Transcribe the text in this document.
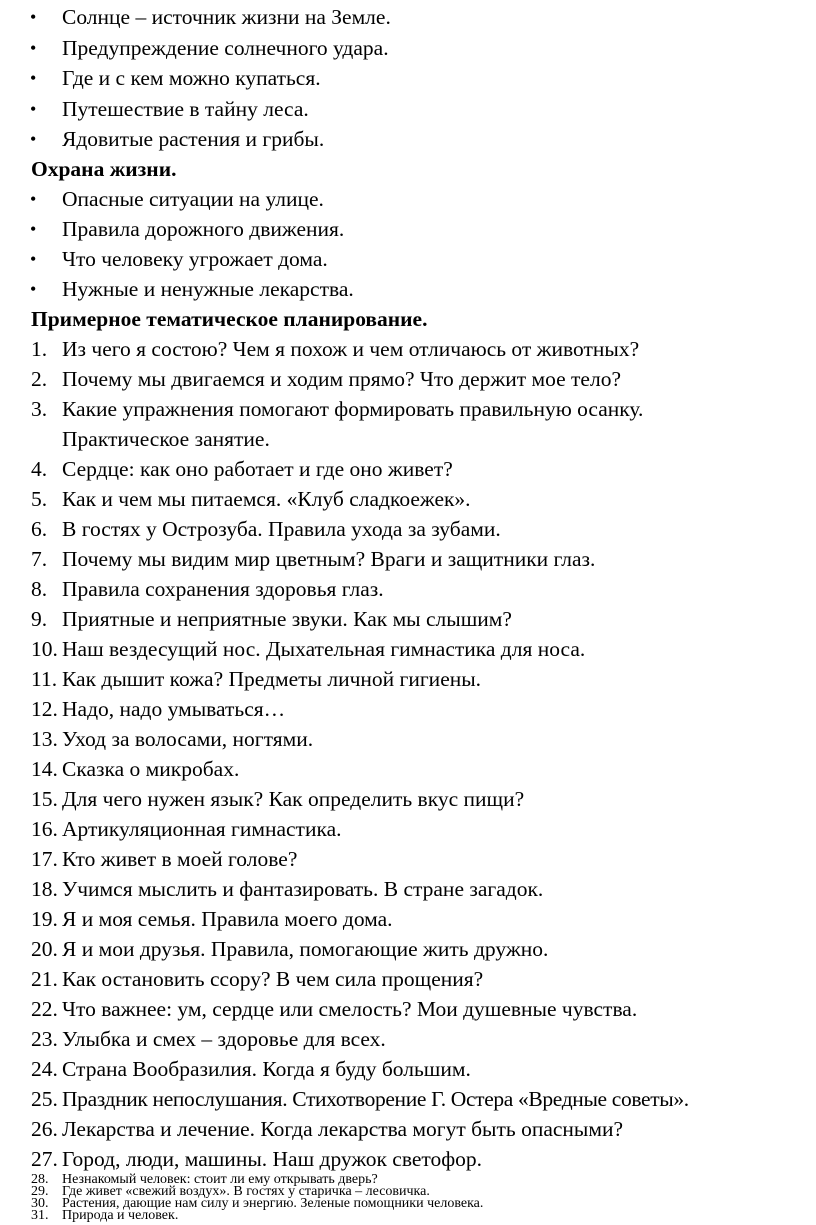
• Солнце – источник жизни на Земле.
• Предупреждение солнечного удара.
• Где и с кем можно купаться.
• Путешествие в тайну леса.
• Ядовитые растения и грибы.
Охрана жизни.
• Опасные ситуации на улице.
• Правила дорожного движения.
• Что человеку угрожает дома.
• Нужные и ненужные лекарства.
Примерное тематическое планирование.
1. Из чего я состою? Чем я похож и чем отличаюсь от животных?
2. Почему мы двигаемся и ходим прямо? Что держит мое тело?
3. Какие упражнения помогают формировать правильную осанку.
Практическое занятие.
4. Сердце: как оно работает и где оно живет?
5. Как и чем мы питаемся. «Клуб сладкоежек».
6. В гостях у Острозуба. Правила ухода за зубами.
7. Почему мы видим мир цветным? Враги и защитники глаз.
8. Правила сохранения здоровья глаз.
9. Приятные и неприятные звуки. Как мы слышим?
10. Наш вездесущий нос. Дыхательная гимнастика для носа.
11. Как дышит кожа? Предметы личной гигиены.
12. Надо, надо умываться…
13. Уход за волосами, ногтями.
14. Сказка о микробах.
15. Для чего нужен язык? Как определить вкус пищи?
16. Артикуляционная гимнастика.
17. Кто живет в моей голове?
18. Учимся мыслить и фантазировать. В стране загадок.
19. Я и моя семья. Правила моего дома.
20. Я и мои друзья. Правила, помогающие жить дружно.
21. Как остановить ссору? В чем сила прощения?
22. Что важнее: ум, сердце или смелость? Мои душевные чувства.
23. Улыбка и смех – здоровье для всех.
24. Страна Вообразилия. Когда я буду большим.
25. Праздник непослушания. Стихотворение Г. Остера «Вредные советы».
26. Лекарства и лечение. Когда лекарства могут быть опасными?
27. Город, люди, машины. Наш дружок светофор.
28. Незнакомый человек: стоит ли ему открывать дверь?
29. Где живет «свежий воздух». В гостях у старичка – лесовичка.
30. Растения, дающие нам силу и энергию. Зеленые помощники человека.
31. Природа и человек.
